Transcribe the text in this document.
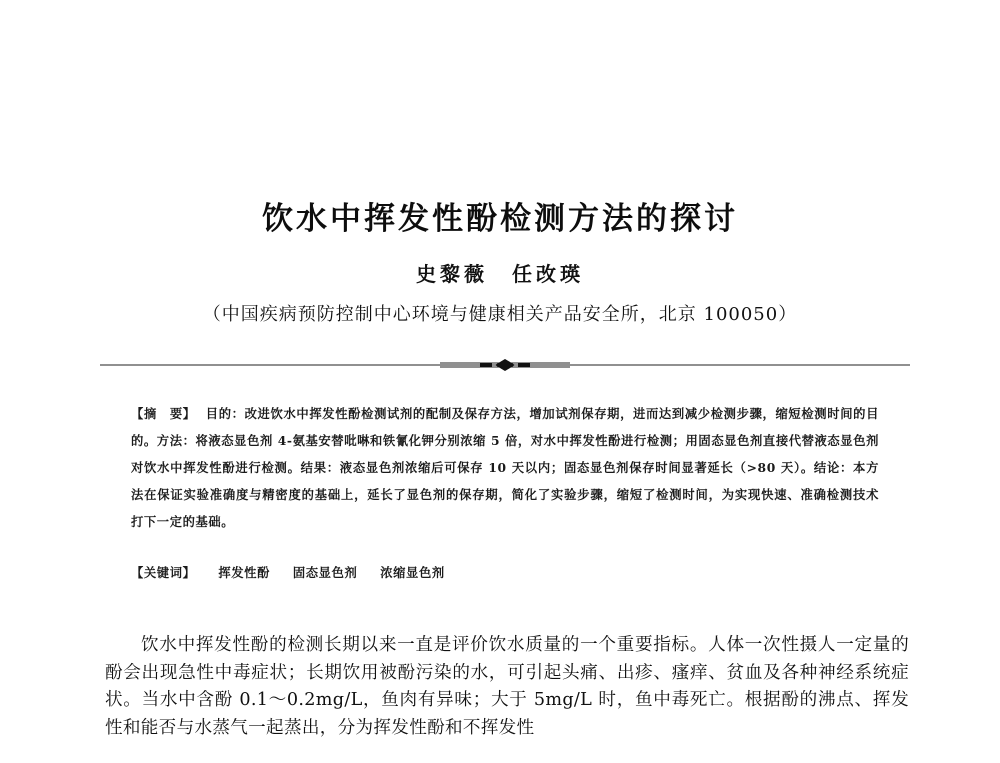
饮水中挥发性酚检测方法的探讨
史黎薇　任改瑛
（中国疾病预防控制中心环境与健康相关产品安全所，北京 100050）
【摘　要】 目的：改进饮水中挥发性酚检测试剂的配制及保存方法，增加试剂保存期，进而达到减少检测步骤，缩短检测时间的目的。方法：将液态显色剂 4-氨基安替吡啉和铁氰化钾分别浓缩 5 倍，对水中挥发性酚进行检测；用固态显色剂直接代替液态显色剂对饮水中挥发性酚进行检测。结果：液态显色剂浓缩后可保存 10 天以内；固态显色剂保存时间显著延长（>80 天）。结论：本方法在保证实验准确度与精密度的基础上，延长了显色剂的保存期，简化了实验步骤，缩短了检测时间，为实现快速、准确检测技术打下一定的基础。
【关键词】 挥发性酚 固态显色剂 浓缩显色剂

饮水中挥发性酚的检测长期以来一直是评价饮水质量的一个重要指标。人体一次性摄人一定量的酚会出现急性中毒症状；长期饮用被酚污染的水，可引起头痛、出疹、瘙痒、贫血及各种神经系统症状。当水中含酚 0.1～0.2mg/L，鱼肉有异味；大于 5mg/L 时，鱼中毒死亡。根据酚的沸点、挥发性和能否与水蒸气一起蒸出，分为挥发性酚和不挥发性
